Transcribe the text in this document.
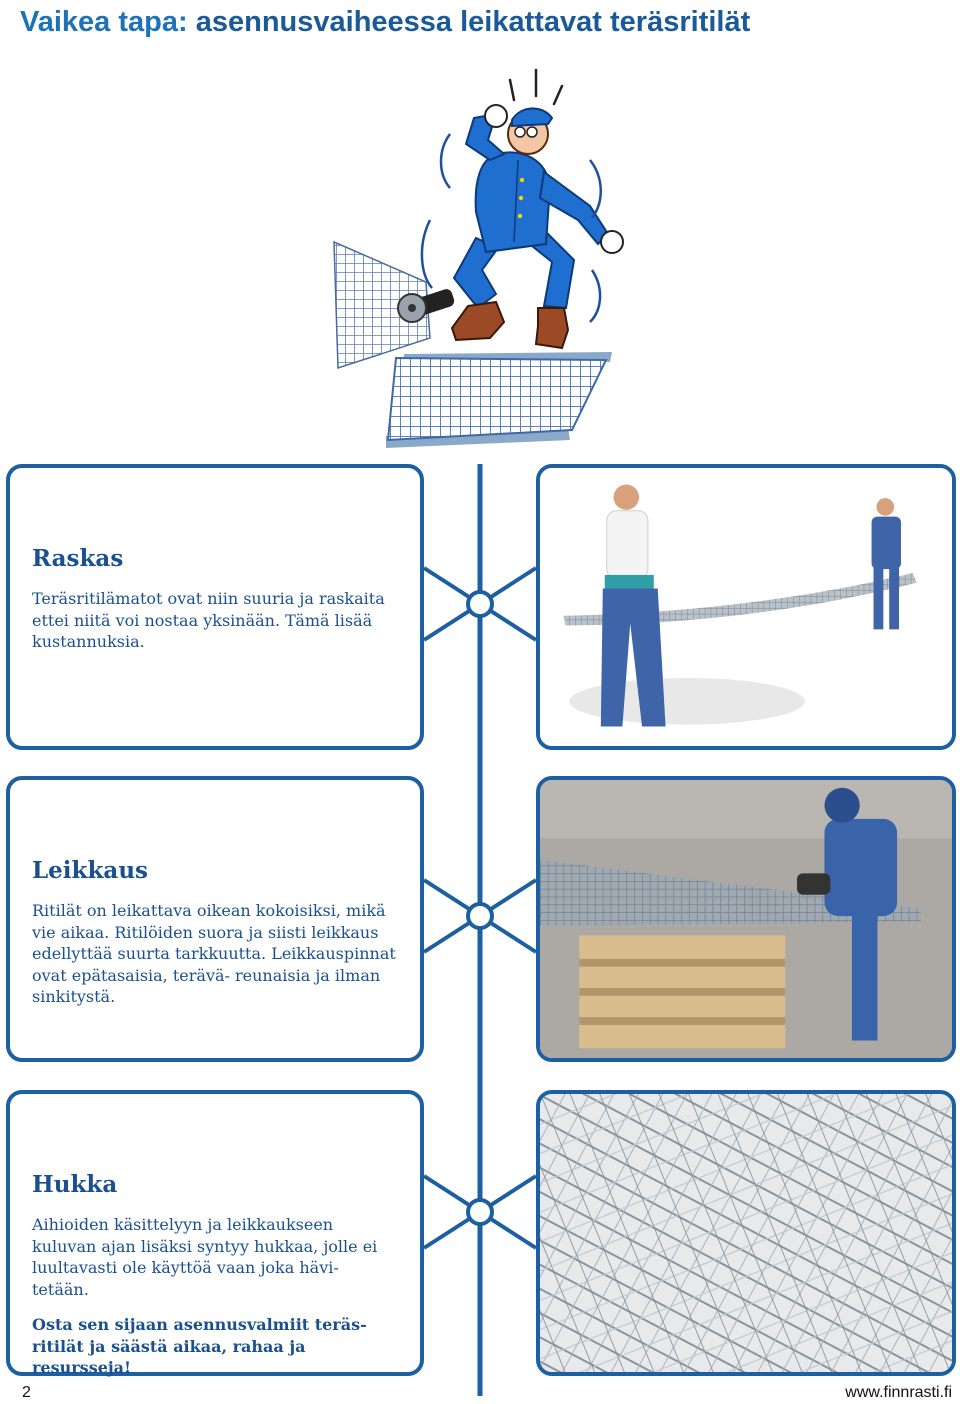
Vaikea tapa: asennusvaiheessa leikattavat teräsritilät
Raskas

Teräsritilämatot ovat niin suuria ja raskaita ettei niitä voi nostaa yksinään. Tämä lisää kustannuksia.

Leikkaus

Ritilät on leikattava oikean kokoisiksi, mikä vie aikaa. Ritilöiden suora ja siisti leikkaus edellyttää suurta tarkkuutta. Leikkauspinnat ovat epätasaisia, terävä- reunaisia ja ilman sinkitystä.

Hukka

Aihioiden käsittelyyn ja leikkaukseen kuluvan ajan lisäksi syntyy hukkaa, jolle ei luultavasti ole käyttöä vaan joka hävi- tetään.

Osta sen sijaan asennusvalmiit teräs- ritilät ja säästä aikaa, rahaa ja resursseja!

2	www.finnrasti.fi
